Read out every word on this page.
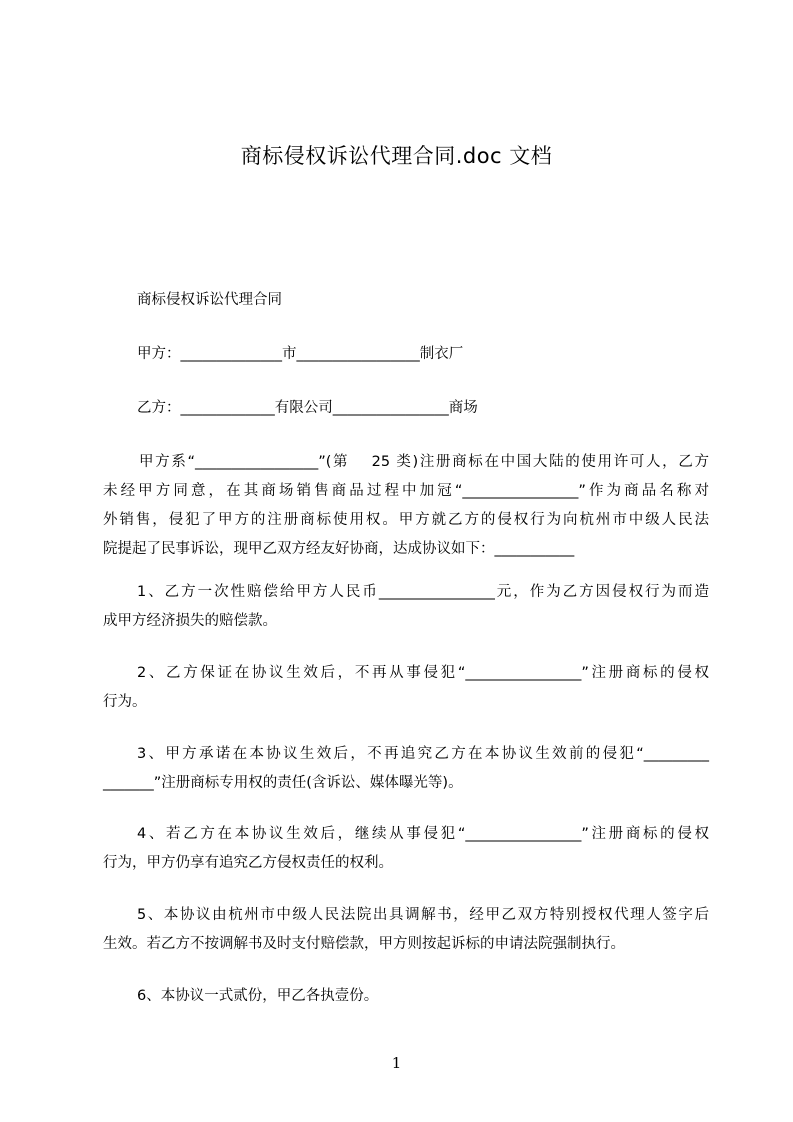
商标侵权诉讼代理合同.doc 文档
商标侵权诉讼代理合同
甲方：______________市_________________制衣厂
乙方：_____________有限公司________________商场
甲方系“_________________”(第　 25 类)注册商标在中国大陆的使用许可人，乙方
未经甲方同意，在其商场销售商品过程中加冠“________________”作为商品名称对
外销售，侵犯了甲方的注册商标使用权。甲方就乙方的侵权行为向杭州市中级人民法
院提起了民事诉讼，现甲乙双方经友好协商，达成协议如下：___________
1、乙方一次性赔偿给甲方人民币________________元，作为乙方因侵权行为而造
成甲方经济损失的赔偿款。
2、乙方保证在协议生效后，不再从事侵犯“________________”注册商标的侵权
行为。
3、甲方承诺在本协议生效后，不再追究乙方在本协议生效前的侵犯“_________
_______”注册商标专用权的责任(含诉讼、媒体曝光等)。
4、若乙方在本协议生效后，继续从事侵犯“________________”注册商标的侵权
行为，甲方仍享有追究乙方侵权责任的权利。
5、本协议由杭州市中级人民法院出具调解书，经甲乙双方特别授权代理人签字后
生效。若乙方不按调解书及时支付赔偿款，甲方则按起诉标的申请法院强制执行。
6、本协议一式贰份，甲乙各执壹份。
1
